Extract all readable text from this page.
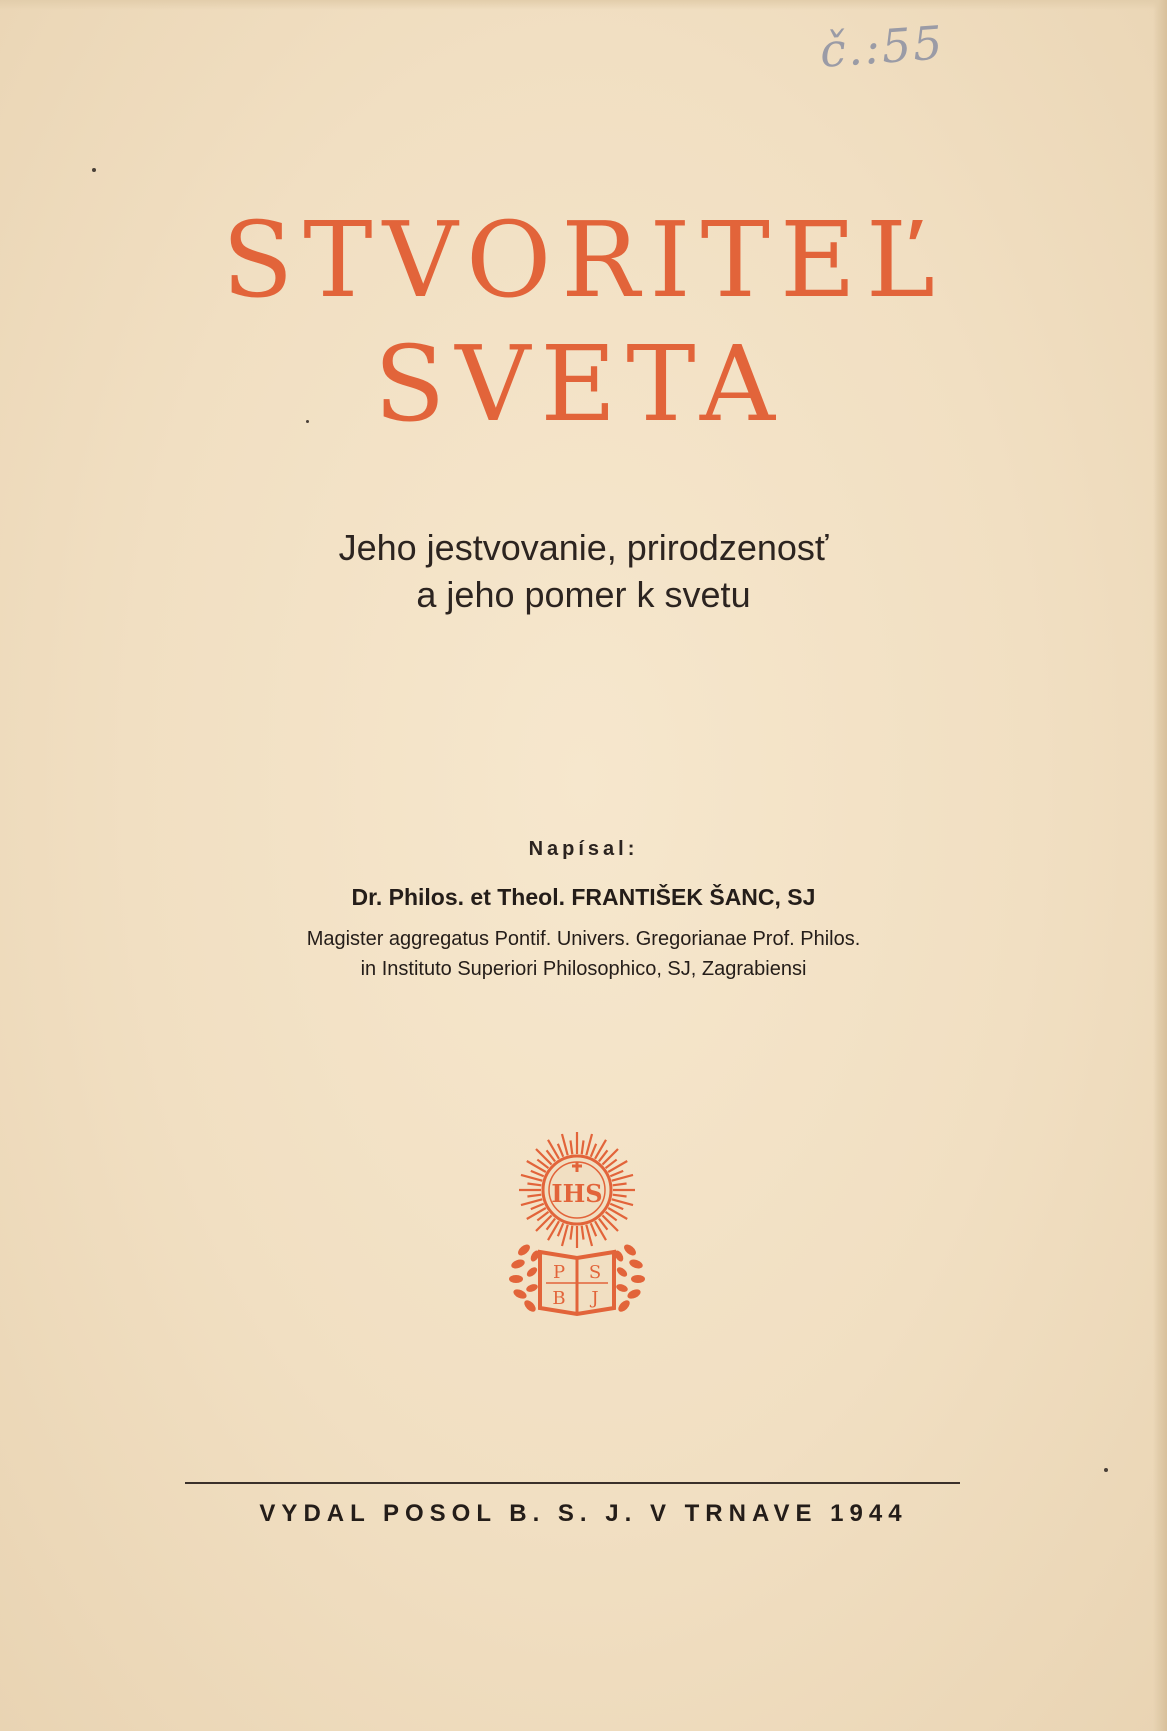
č.:55
STVORITEĽ
SVETA
Jeho jestvovanie, prirodzenosť
a jeho pomer k svetu
Napísal:
Dr. Philos. et Theol. FRANTIŠEK ŠANC, SJ
Magister aggregatus Pontif. Univers. Gregorianae Prof. Philos.
in Instituto Superiori Philosophico, SJ, Zagrabiensi
IHS
P S
B J
VYDAL POSOL B. S. J. V TRNAVE 1944
